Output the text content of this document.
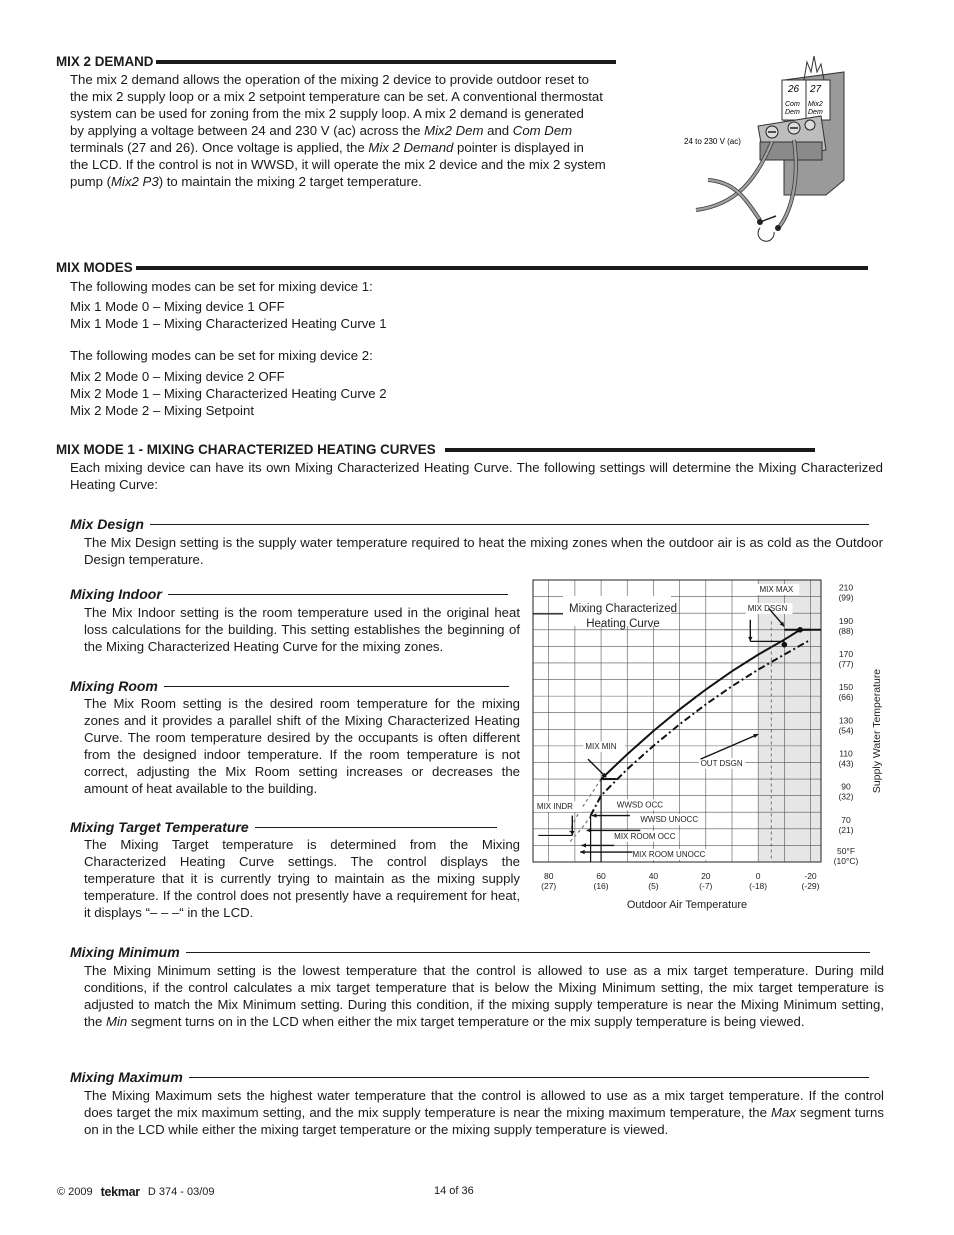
MIX 2 DEMAND
The mix 2 demand allows the operation of the mixing 2 device to provide outdoor reset to
the mix 2 supply loop or a mix 2 setpoint temperature can be set. A conventional thermostat
system can be used for zoning from the mix 2 supply loop. A mix 2 demand is generated
by applying a voltage between 24 and 230 V (ac) across the Mix2 Dem and Com Dem
terminals (27 and 26). Once voltage is applied, the Mix 2 Demand pointer is displayed in
the LCD. If the control is not in WWSD, it will operate the mix 2 device and the mix 2 system
pump (Mix2 P3) to maintain the mixing 2 target temperature.
26 27
Com
Dem
Mix2
Dem
24 to 230 V (ac)
MIX MODES
The following modes can be set for mixing device 1:
Mix 1 Mode 0 – Mixing device 1 OFF
Mix 1 Mode 1 – Mixing Characterized Heating Curve 1
The following modes can be set for mixing device 2:
Mix 2 Mode 0 – Mixing device 2 OFF
Mix 2 Mode 1 – Mixing Characterized Heating Curve 2
Mix 2 Mode 2 – Mixing Setpoint
MIX MODE 1 - MIXING CHARACTERIZED HEATING CURVES

Each mixing device can have its own Mixing Characterized Heating Curve. The following settings will determine the Mixing Characterized Heating Curve:

Mix Design

The Mix Design setting is the supply water temperature required to heat the mixing zones when the outdoor air is as cold as the Outdoor Design temperature.

Mixing Indoor

The Mix Indoor setting is the room temperature used in the original heat loss calculations for the building. This setting establishes the beginning of the Mixing Characterized Heating Curve for the mixing zones.

Mixing Room

The Mix Room setting is the desired room temperature for the mixing zones and it provides a parallel shift of the Mixing Characterized Heating Curve. The room temperature desired by the occupants is often different from the designed indoor temperature. If the room temperature is not correct, adjusting the Mix Room setting increases or decreases the amount of heat available to the building.

Mixing Target Temperature

The Mixing Target temperature is determined from the Mixing Characterized Heating Curve settings. The control displays the temperature that it is currently trying to maintain as the mixing supply temperature. If the control does not presently have a requirement for heat, it displays “– – –“ in the LCD.

210
(99)
190
(88)
170
(77)
150
(66)
130
(54)
110
(43)
90
(32)
70
(21)
50°F
(10°C)
Supply Water Temperature
80
(27)
60
(16)
40
(5)
20
(-7)
0
(-18)
-20
(-29)
Outdoor Air Temperature
Mixing Characterized
Heating Curve
MIX MAX
MIX DSGN
MIX MIN
OUT DSGN
MIX INDR	WWSD OCC
WWSD UNOCC
MIX ROOM OCC
MIX ROOM UNOCC
Mixing Minimum

The Mixing Minimum setting is the lowest temperature that the control is allowed to use as a mix target temperature. During mild conditions, if the control calculates a mix target temperature that is below the Mixing Minimum setting, the mix target temperature is adjusted to match the Mix Minimum setting. During this condition, if the mixing supply temperature is near the Mixing Minimum setting, the Min segment turns on in the LCD when either the mix target temperature or the mix supply temperature is being viewed.

Mixing Maximum

The Mixing Maximum sets the highest water temperature that the control is allowed to use as a mix target temperature. If the control does target the mix maximum setting, and the mix supply temperature is near the mixing maximum temperature, the Max segment turns on in the LCD while either the mixing target temperature or the mixing supply temperature is viewed.

© 2009 tekmar D 374 - 03/09	14 of 36
